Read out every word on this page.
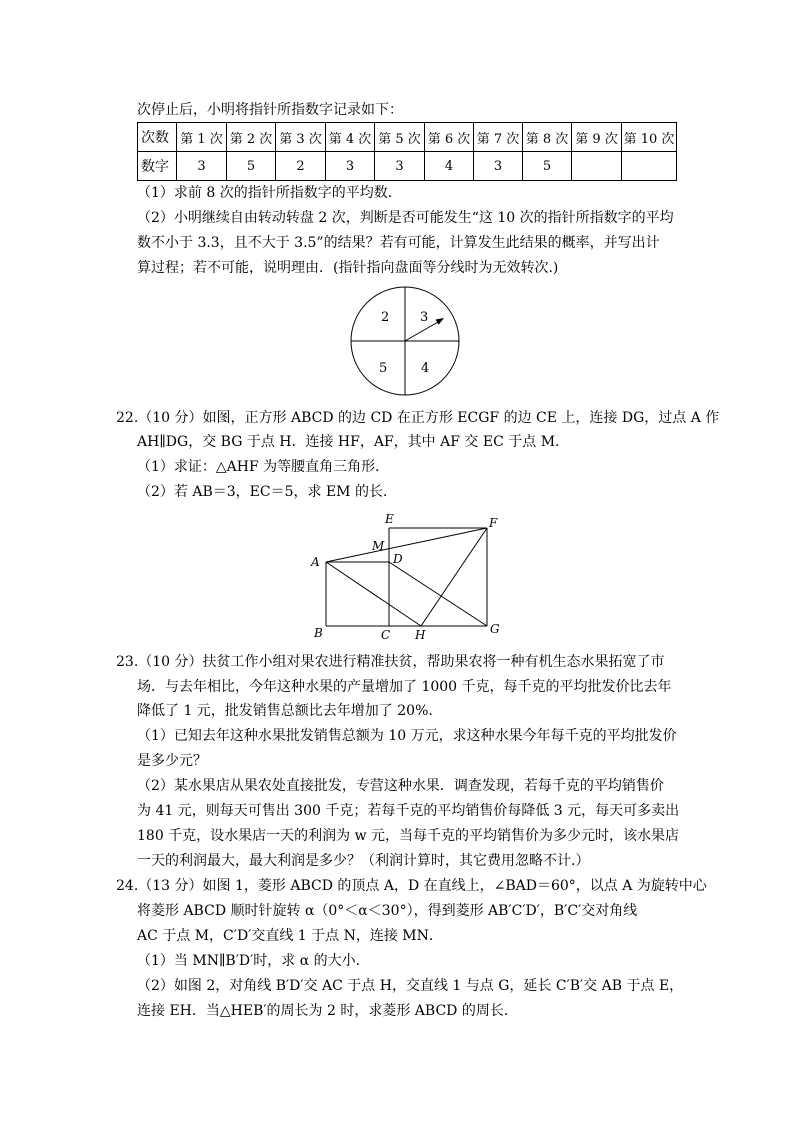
次停止后，小明将指针所指数字记录如下：
次数	第 1 次	第 2 次	第 3 次	第 4 次	第 5 次	第 6 次	第 7 次	第 8 次	第 9 次	第 10 次
数字	3	5	2	3	3	4	3	5		
（1）求前 8 次的指针所指数字的平均数．
（2）小明继续自由转动转盘 2 次，判断是否可能发生“这 10 次的指针所指数字的平均
数不小于 3.3，且不大于 3.5”的结果？若有可能，计算发生此结果的概率，并写出计
算过程；若不可能，说明理由．(指针指向盘面等分线时为无效转次.)
2 3
5	4
22.（10 分）如图，正方形 ABCD 的边 CD 在正方形 ECGF 的边 CE 上，连接 DG，过点 A 作
AH∥DG，交 BG 于点 H．连接 HF，AF，其中 AF 交 EC 于点 M．
（1）求证：△AHF 为等腰直角三角形．
（2）若 AB＝3，EC＝5，求 EM 的长．
E	F
M
A	D
B	C H	G
23.（10 分）扶贫工作小组对果农进行精准扶贫，帮助果农将一种有机生态水果拓宽了市
场．与去年相比，今年这种水果的产量增加了 1000 千克，每千克的平均批发价比去年
降低了 1 元，批发销售总额比去年增加了 20%．
（1）已知去年这种水果批发销售总额为 10 万元，求这种水果今年每千克的平均批发价
是多少元？
（2）某水果店从果农处直接批发，专营这种水果．调查发现，若每千克的平均销售价
为 41 元，则每天可售出 300 千克；若每千克的平均销售价每降低 3 元，每天可多卖出
180 千克，设水果店一天的利润为 w 元，当每千克的平均销售价为多少元时，该水果店
一天的利润最大，最大利润是多少？（利润计算时，其它费用忽略不计.）
24.（13 分）如图 1，菱形 ABCD 的顶点 A，D 在直线上，∠BAD＝60°，以点 A 为旋转中心
将菱形 ABCD 顺时针旋转 α（0°＜α＜30°），得到菱形 AB′C′D′，B′C′交对角线
AC 于点 M，C′D′交直线 1 于点 N，连接 MN．
（1）当 MN∥B′D′时，求 α 的大小．
（2）如图 2，对角线 B′D′交 AC 于点 H，交直线 1 与点 G，延长 C′B′交 AB 于点 E，
连接 EH．当△HEB′的周长为 2 时，求菱形 ABCD 的周长．
